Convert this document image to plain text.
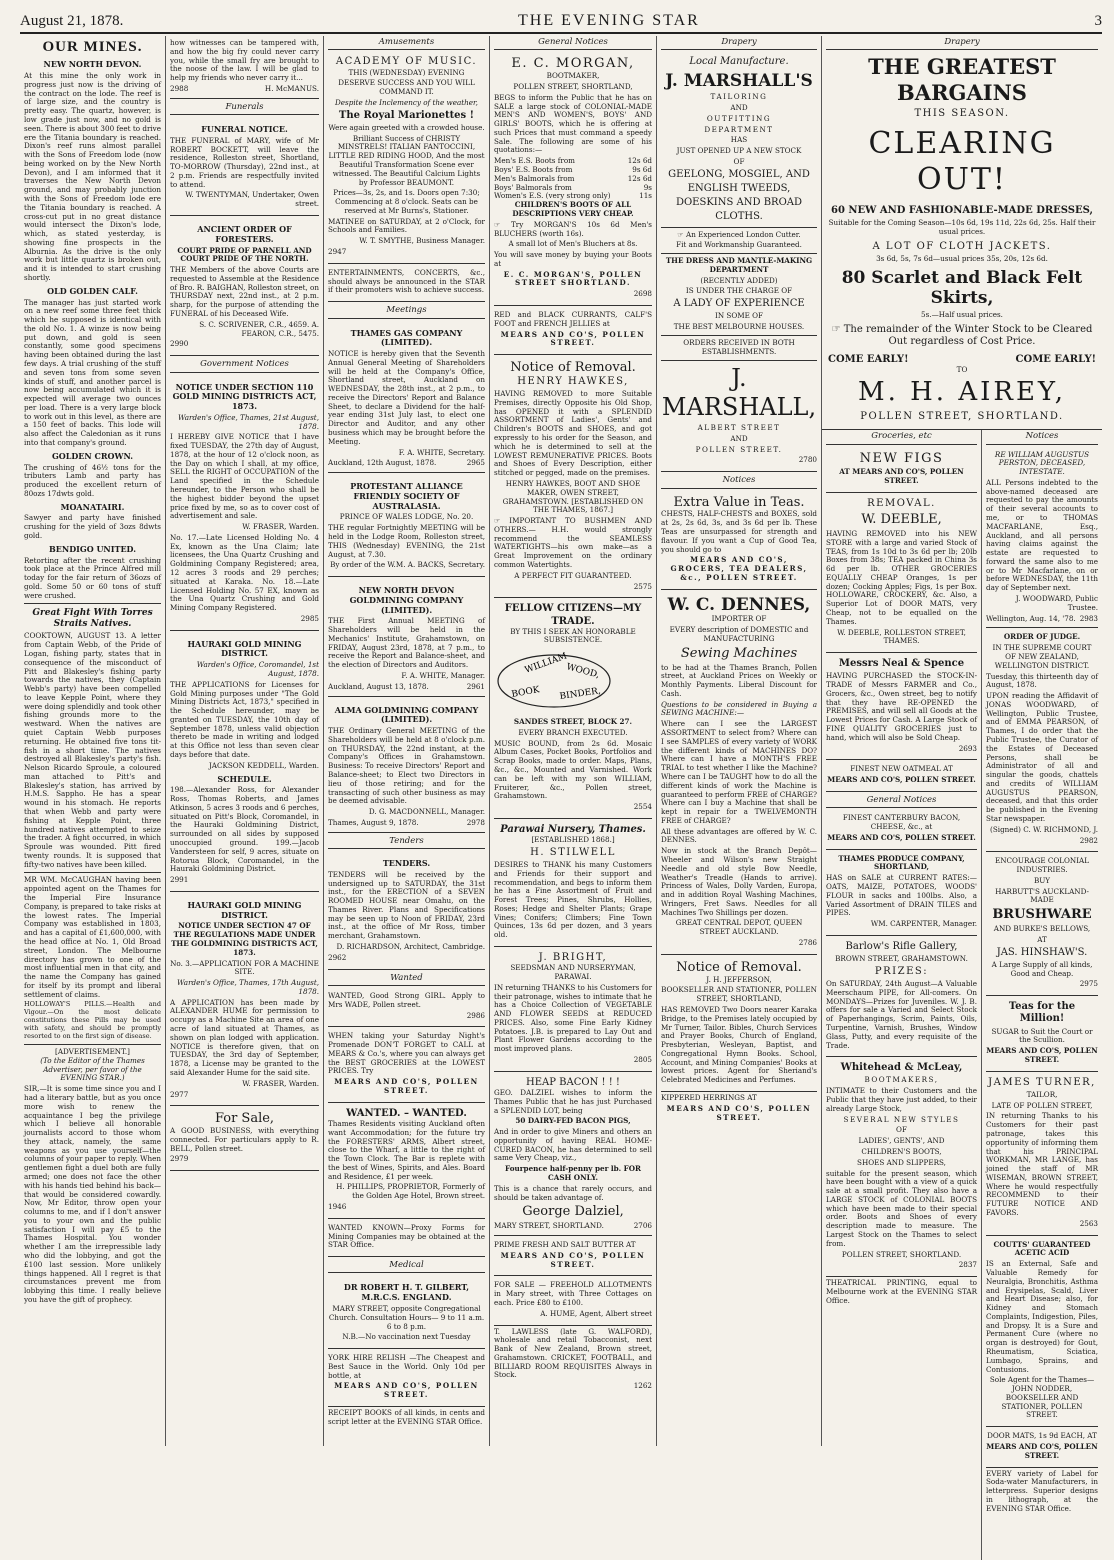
August 21, 1878.	THE EVENING STAR	3
OUR MINES.
NEW NORTH DEVON.

At this mine the only work in progress just now is the driving of the contract on the lode. The reef is of large size, and the country is pretty easy. The quartz, however, is low grade just now, and no gold is seen. There is about 300 feet to drive ere the Titania boundary is reached. Dixon's reef runs almost parallel with the Sons of Freedom lode (now being worked on by the New North Devon), and I am informed that it traverses the New North Devon ground, and may probably junction with the Sons of Freedom lode ere the Titania boundary is reached. A cross-cut put in no great distance would intersect the Dixon's lode, which, as stated yesterday, is showing fine prospects in the Alburnia. As the drive is the only work but little quartz is broken out, and it is intended to start crushing shortly.

OLD GOLDEN CALF.

The manager has just started work on a new reef some three feet thick which he supposed is identical with the old No. 1. A winze is now being put down, and gold is seen constantly, some good specimens having been obtained during the last few days. A trial crushing of the stuff and seven tons from some seven kinds of stuff, and another parcel is now being accumulated which it is expected will average two ounces per load. There is a very large block to work out in this level, as there are a 150 feet of backs. This lode will also affect the Caledonian as it runs into that company's ground.

GOLDEN CROWN.

The crushing of 46½ tons for the tributers Lamb and party has produced the excellent return of 80ozs 17dwts gold.

MOANATAIRI.

Sawyer and party have finished crushing for the yield of 3ozs 8dwts gold.

BENDIGO UNITED.

Retorting after the recent crushing took place at the Prince Alfred mill today for the fair return of 36ozs of gold. Some 50 or 60 tons of stuff were crushed.

Great Fight With Torres Straits Natives.

COOKTOWN, AUGUST 13. A letter from Captain Webb, of the Pride of Logan, fishing party, states that in consequence of the misconduct of Pitt and Blakesley's fishing party towards the natives, they (Captain Webb's party) have been compelled to leave Kepple Point, where they were doing splendidly and took other fishing grounds more to the westward. When the natives are quiet Captain Webb purposes returning. He obtained five tons tit-fish in a short time. The natives destroyed all Blakesley's party's fish. Nelson Ricardo Sproule, a coloured man attached to Pitt's and Blakesley's station, has arrived by H.M.S. Sappho. He has a spear wound in his stomach. He reports that when Webb and party were fishing at Kepple Point, three hundred natives attempted to seize the trader. A fight occurred, in which Sproule was wounded. Pitt fired twenty rounds. It is supposed that fifty-two natives have been killed.

MR WM. McCAUGHAN having been appointed agent on the Thames for the Imperial Fire Insurance Company, is prepared to take risks at the lowest rates. The Imperial Company was established in 1803, and has a capital of £1,600,000, with the head office at No. 1, Old Broad street, London. The Melbourne directory has grown to one of the most influential men in that city, and the name the Company has gained for itself by its prompt and liberal settlement of claims.

HOLLOWAY'S PILLS.—Health and Vigour.—On the most delicate constitutions these Pills may be used with safety, and should be promptly resorted to on the first sign of disease.

[ADVERTISEMENT.]

(To the Editor of the Thames Advertiser, per favor of the EVENING STAR.)

SIR,—It is some time since you and I had a literary battle, but as you once more wish to renew the acquaintance I beg the privilege which I believe all honorable journalists accord to those whom they attack, namely, the same weapons as you use yourself—the columns of your paper to reply. When gentlemen fight a duel both are fully armed; one does not face the other with his hands tied behind his back—that would be considered cowardly. Now, Mr Editor, throw open your columns to me, and if I don't answer you to your own and the public satisfaction I will pay £5 to the Thames Hospital. You wonder whether I am the irrepressible lady who did the lobbying, and got the £100 last session. More unlikely things happened. All I regret is that circumstances prevent me from lobbying this time. I really believe you have the gift of prophecy.

how witnesses can be tampered with, and how the big fry could never carry you, while the small fry are brought to the noose of the law. I will be glad to help my friends who never carry it...

2988	H. McMANUS.
Funerals
FUNERAL NOTICE.

THE FUNERAL of MARY, wife of Mr ROBERT BOCKETT, will leave the residence, Rolleston street, Shortland, TO-MORROW (Thursday), 22nd inst., at 2 p.m. Friends are respectfully invited to attend.

W. TWENTYMAN, Undertaker, Owen street.

ANCIENT ORDER OF FORESTERS.

COURT PRIDE OF PARNELL AND COURT PRIDE OF THE NORTH.

THE Members of the above Courts are requested to Assemble at the Residence of Bro. R. BAIGHAN, Rolleston street, on THURSDAY next, 22nd inst., at 2 p.m. sharp, for the purpose of attending the FUNERAL of his Deceased Wife.

S. C. SCRIVENER, C.R., 4659. A. FEARON, C.R., 5475.

2990

Government Notices
NOTICE UNDER SECTION 110 GOLD MINING DISTRICTS ACT, 1873.

Warden's Office, Thames, 21st August, 1878.

I HEREBY GIVE NOTICE that I have fixed TUESDAY, the 27th day of August, 1878, at the hour of 12 o'clock noon, as the Day on which I shall, at my office, SELL the RIGHT of OCCUPATION of the Land specified in the Schedule hereunder, to the Person who shall be the highest bidder beyond the upset price fixed by me, so as to cover cost of advertisement and sale.

W. FRASER, Warden.

No. 17.—Late Licensed Holding No. 4 Ex, known as the Una Claim; late licensees, the Una Quartz Crushing and Goldmining Company Registered; area, 12 acres 3 roods and 29 perches; situated at Karaka. No. 18.—Late Licensed Holding No. 57 EX, known as the Una Quartz Crushing and Gold Mining Company Registered.

2985

HAURAKI GOLD MINING DISTRICT.

Warden's Office, Coromandel, 1st August, 1878.

THE APPLICATIONS for Licenses for Gold Mining purposes under "The Gold Mining Districts Act, 1873," specified in the Schedule hereunder, may be granted on TUESDAY, the 10th day of September 1878, unless valid objection thereto be made in writing and lodged at this Office not less than seven clear days before that date.

JACKSON KEDDELL, Warden.

SCHEDULE.

198.—Alexander Ross, for Alexander Ross, Thomas Roberts, and James Atkinson, 5 acres 3 roods and 6 perches, situated on Pitt's Block, Coromandel, in the Hauraki Goldmining District, surrounded on all sides by supposed unoccupied ground. 199.—Jacob Vandersteen for self, 9 acres, situate on Rotorua Block, Coromandel, in the Hauraki Goldmining District.

2991

HAURAKI GOLD MINING DISTRICT.

NOTICE UNDER SECTION 47 OF THE REGULATIONS MADE UNDER THE GOLDMINING DISTRICTS ACT, 1873.

No. 3.—APPLICATION FOR A MACHINE SITE.

Warden's Office, Thames, 17th August, 1878.

A APPLICATION has been made by ALEXANDER HUME for permission to occupy as a Machine Site an area of one acre of land situated at Thames, as shown on plan lodged with application. NOTICE is therefore given, that on TUESDAY, the 3rd day of September, 1878, a License may be granted to the said Alexander Hume for the said site.

W. FRASER, Warden.

2977

For Sale,

A GOOD BUSINESS, with everything connected. For particulars apply to R. BELL, Pollen street.

2979

Amusements
ACADEMY OF MUSIC.

THIS (WEDNESDAY) EVENING

DESERVE SUCCESS AND YOU WILL COMMAND IT.

Despite the Inclemency of the weather,

The Royal Marionettes !

Were again greeted with a crowded house.

Brilliant Success of CHRISTY MINSTRELS! ITALIAN FANTOCCINI, LITTLE RED RIDING HOOD, And the most Beautiful Transformation Scene ever witnessed. The Beautiful Calcium Lights by Professor BEAUMONT.

Prices—3s, 2s, and 1s. Doors open 7:30; Commencing at 8 o'clock. Seats can be reserved at Mr Burns's, Stationer.

MATINEE on SATURDAY, at 2 o'Clock, for Schools and Families.

W. T. SMYTHE, Business Manager.

2947

ENTERTAINMENTS, CONCERTS, &c., should always be announced in the STAR if their promoters wish to achieve success.

Meetings
THAMES GAS COMPANY (LIMITED).

NOTICE is hereby given that the Seventh Annual General Meeting of Shareholders will be held at the Company's Office, Shortland street, Auckland on WEDNESDAY, the 28th inst., at 2 p.m., to receive the Directors' Report and Balance Sheet, to declare a Dividend for the half-year ending 31st July last, to elect one Director and Auditor, and any other business which may be brought before the Meeting.

F. A. WHITE, Secretary.

Auckland, 12th August, 1878.	2965
PROTESTANT ALLIANCE FRIENDLY SOCIETY OF AUSTRALASIA.

PRINCE OF WALES LODGE, No. 20.

THE regular Fortnightly MEETING will be held in the Lodge Room, Rolleston street, THIS (Wednesday) EVENING, the 21st August, at 7.30.

By order of the W.M. A. BACKS, Secretary.

NEW NORTH DEVON GOLDMINING COMPANY (LIMITED).

THE First Annual MEETING of Shareholders will be held in the Mechanics' Institute, Grahamstown, on FRIDAY, August 23rd, 1878, at 7 p.m., to receive the Report and Balance-sheet, and the election of Directors and Auditors.

F. A. WHITE, Manager.

Auckland, August 13, 1878.	2961
ALMA GOLDMINING COMPANY (LIMITED).

THE Ordinary General MEETING of the Shareholders will be held at 8 o'clock p.m. on THURSDAY, the 22nd instant, at the Company's Offices in Grahamstown. Business: To receive Directors' Report and Balance-sheet; to Elect two Directors in lieu of those retiring; and for the transacting of such other business as may be deemed advisable.

D. G. MACDONNELL, Manager.

Thames, August 9, 1878.	2978
Tenders
TENDERS.

TENDERS will be received by the undersigned up to SATURDAY, the 31st inst., for the ERECTION of a SEVEN ROOMED HOUSE near Omahu, on the Thames River. Plans and Specifications may be seen up to Noon of FRIDAY, 23rd inst., at the office of Mr Ross, timber merchant, Grahamstown.

D. RICHARDSON, Architect, Cambridge.

2962

Wanted

WANTED, Good Strong GIRL. Apply to Mrs WADE, Pollen street.

2986

WHEN taking your Saturday Night's Promenade DON'T FORGET to CALL at MEARS & Co.'s, where you can always get the BEST GROCERIES at the LOWEST PRICES. Try

MEARS AND CO'S, POLLEN STREET.

WANTED. – WANTED.

Thames Residents visiting Auckland often want Accommodation; for the future try the FORESTERS' ARMS, Albert street, close to the Wharf, a little to the right of the Town Clock. The Bar is replete with the best of Wines, Spirits, and Ales. Board and Residence, £1 per week.

H. PHILLIPS, PROPRIETOR, Formerly of the Golden Age Hotel, Brown street.

1946

WANTED KNOWN—Proxy Forms for Mining Companies may be obtained at the STAR Office.

Medical
DR ROBERT H. T. GILBERT, M.R.C.S. ENGLAND.

MARY STREET, opposite Congregational Church. Consultation Hours— 9 to 11 a.m. 6 to 8 p.m.

N.B.—No vaccination next Tuesday

YORK HIRE RELISH —The Cheapest and Best Sauce in the World. Only 10d per bottle, at

MEARS AND CO'S, POLLEN STREET.

RECEIPT BOOKS of all kinds, in cents and script letter at the EVENING STAR Office.

General Notices
E. C. MORGAN,

BOOTMAKER,

POLLEN STREET, SHORTLAND,

BEGS to inform the Public that he has on SALE a large stock of COLONIAL-MADE MEN'S AND WOMEN'S, BOYS' AND GIRLS' BOOTS, which he is offering at such Prices that must command a speedy Sale. The following are some of his quotations:—

Men's E.S. Boots from	12s 6d
Boys' E.S. Boots from	9s 6d
Men's Balmorals from	12s 6d
Boys' Balmorals from	9s
Women's E.S. (very strong only)	11s

CHILDREN'S BOOTS OF ALL DESCRIPTIONS VERY CHEAP.

☞ Try MORGAN'S 10s 6d Men's BLUCHERS (worth 16s).

A small lot of Men's Bluchers at 8s.

You will save money by buying your Boots at

E. C. MORGAN'S, POLLEN STREET SHORTLAND.

2698

RED and BLACK CURRANTS, CALF'S FOOT and FRENCH JELLIES at

MEARS AND CO'S, POLLEN STREET.

Notice of Removal.

HENRY HAWKES,

HAVING REMOVED to more Suitable Premises, directly Opposite his Old Shop, has OPENED it with a SPLENDID ASSORTMENT of Ladies', Gents' and Children's BOOTS and SHOES, and got expressly to his order for the Season, and which he is determined to sell at the LOWEST REMUNERATIVE PRICES. Boots and Shoes of Every Description, either stitched or pegged, made on the premises.

HENRY HAWKES, BOOT AND SHOE MAKER, OWEN STREET, GRAHAMSTOWN. [ESTABLISHED ON THE THAMES, 1867.]

☞ IMPORTANT TO BUSHMEN AND OTHERS.— H.H. would strongly recommend the SEAMLESS WATERTIGHTS—his own make—as a Great Improvement on the ordinary common Watertights.

A PERFECT FIT GUARANTEED.

2575

FELLOW CITIZENS—MY TRADE.

BY THIS I SEEK AN HONORABLE SUBSISTENCE.

WILLIAM
WOOD,
BOOK BINDER,

SANDES STREET, BLOCK 27.

EVERY BRANCH EXECUTED.

MUSIC BOUND, from 2s 6d. Mosaic Album Cases, Pocket Books, Portfolios and Scrap Books, made to order. Maps, Plans, &c., &c., Mounted and Varnished. Work can be left with my son WILLIAM, Fruiterer, &c., Pollen street, Grahamstown.

2554

Parawai Nursery, Thames.

[ESTABLISHED 1868.]

H. STILWELL

DESIRES to THANK his many Customers and Friends for their support and recommendation, and begs to inform them he has a Fine Assortment of Fruit and Forest Trees; Pines, Shrubs, Hollies, Roses; Hedge and Shelter Plants; Grape Vines; Conifers; Climbers; Fine Town Quinces, 13s 6d per dozen, and 3 years old.

J. BRIGHT,

SEEDSMAN AND NURSERYMAN, PARAWAI.

IN returning THANKS to his Customers for their patronage, wishes to intimate that he has a Choice Collection of VEGETABLE AND FLOWER SEEDS at REDUCED PRICES. Also, some Fine Early Kidney Potatoes. J.B. is prepared to Lay Out and Plant Flower Gardens according to the most improved plans.

2805

HEAP BACON ! ! !

GEO. DALZIEL wishes to inform the Thames Public that he has just Purchased a SPLENDID LOT, being

50 DAIRY-FED BACON PIGS,

And in order to give Miners and others an opportunity of having REAL HOME-CURED BACON, he has determined to sell same Very Cheap, viz.,

Fourpence half-penny per lb. FOR CASH ONLY.

This is a chance that rarely occurs, and should be taken advantage of.

George Dalziel,

MARY STREET, SHORTLAND.	2706

PRIME FRESH AND SALT BUTTER AT

MEARS AND CO'S, POLLEN STREET.

FOR SALE — FREEHOLD ALLOTMENTS in Mary street, with Three Cottages on each. Price £80 to £100.

A. HUME, Agent, Albert street

T. LAWLESS (late G. WALFORD), wholesale and retail Tobacconist, next Bank of New Zealand, Brown street, Grahamstown. CRICKET, FOOTBALL, and BILLIARD ROOM REQUISITES Always in Stock.

1262

Drapery

Local Manufacture.

J. MARSHALL'S

TAILORING

AND

OUTFITTING

DEPARTMENT

HAS

JUST OPENED UP A NEW STOCK

OF

GEELONG, MOSGIEL, AND

ENGLISH TWEEDS,

DOESKINS AND BROAD

CLOTHS.

☞ An Experienced London Cutter.

Fit and Workmanship Guaranteed.

THE DRESS AND MANTLE-MAKING DEPARTMENT

(RECENTLY ADDED)

IS UNDER THE CHARGE OF

A LADY OF EXPERIENCE

IN SOME OF

THE BEST MELBOURNE HOUSES.

ORDERS RECEIVED IN BOTH ESTABLISHMENTS.

J. MARSHALL,

ALBERT STREET

AND

POLLEN STREET.

2780

Notices
Extra Value in Teas.

CHESTS, HALF-CHESTS and BOXES, sold at 2s, 2s 6d, 3s, and 3s 6d per lb. These Teas are unsurpassed for strength and flavour. If you want a Cup of Good Tea, you should go to

MEARS AND CO'S, GROCERS, TEA DEALERS, &c., POLLEN STREET.

W. C. DENNES,

IMPORTER OF

EVERY description of DOMESTIC and MANUFACTURING

Sewing Machines

to be had at the Thames Branch, Pollen street, at Auckland Prices on Weekly or Monthly Payments. Liberal Discount for Cash.

Questions to be considered in Buying a SEWING MACHINE:—

Where can I see the LARGEST ASSORTMENT to select from? Where can I see SAMPLES of every variety of WORK the different kinds of MACHINES DO? Where can I have a MONTH'S FREE TRIAL to test whether I like the Machine? Where can I be TAUGHT how to do all the different kinds of work the Machine is guaranteed to perform FREE of CHARGE? Where can I buy a Machine that shall be kept in repair for a TWELVEMONTH FREE of CHARGE?

All these advantages are offered by W. C. DENNES.

Now in stock at the Branch Depôt—Wheeler and Wilson's new Straight Needle and old style Bow Needle, Weather's Treadle (Hands to arrive). Princess of Wales, Dolly Varden, Europa, and in addition Royal Washing Machines, Wringers, Fret Saws. Needles for all Machines Two Shillings per dozen.

GREAT CENTRAL DEPOT, QUEEN STREET AUCKLAND.

2786

Notice of Removal.

J. H. JEFFERSON,

BOOKSELLER AND STATIONER, POLLEN STREET, SHORTLAND,

HAS REMOVED Two Doors nearer Karaka Bridge, to the Premises lately occupied by Mr Turner, Tailor. Bibles, Church Services and Prayer Books, Church of England, Presbyterian, Wesleyan, Baptist, and Congregational Hymn Books. School, Account, and Mining Companies' Books at lowest prices. Agent for Sheriand's Celebrated Medicines and Perfumes.

KIPPERED HERRINGS AT

MEARS AND CO'S, POLLEN STREET.

Drapery

THE GREATEST BARGAINS

THIS SEASON.

CLEARING OUT!

60 NEW AND FASHIONABLE-MADE DRESSES,

Suitable for the Coming Season—10s 6d, 19s 11d, 22s 6d, 25s. Half their usual prices.

A LOT OF CLOTH JACKETS.

3s 6d, 5s, 7s 6d—usual prices 35s, 20s, 12s 6d.

80 Scarlet and Black Felt Skirts,

5s.—Half usual prices.

☞ The remainder of the Winter Stock to be Cleared Out regardless of Cost Price.

COME EARLY!	COME EARLY!

TO

M. H. AIREY,

POLLEN STREET, SHORTLAND.

Groceries, etc

NEW FIGS

AT MEARS AND CO'S, POLLEN STREET.

REMOVAL.

W. DEEBLE,

HAVING REMOVED into his NEW STORE with a large and varied Stock of TEAS, from 1s 10d to 3s 6d per lb; 20lb Boxes from 38s; TEA packed in China 3s 6d per lb. OTHER GROCERIES EQUALLY CHEAP Oranges, 1s per dozen; Cocking Apples; Figs, 1s per Box. HOLLOWARE, CROCKERY, &c. Also, a Superior Lot of DOOR MATS, very Cheap, not to be equalled on the Thames.

W. DEEBLE, ROLLESTON STREET, THAMES.

Messrs Neal & Spence

HAVING PURCHASED the STOCK-IN-TRADE of Messrs FARMER and Co., Grocers, &c., Owen street, beg to notify that they have RE-OPENED the PREMISES, and will sell all Goods at the Lowest Prices for Cash. A Large Stock of FINE QUALITY GROCERIES just to hand, which will also be Sold Cheap.

2693

FINEST NEW OATMEAL AT

MEARS AND CO'S, POLLEN STREET.

General Notices

FINEST CANTERBURY BACON, CHEESE, &c., at

MEARS AND CO'S, POLLEN STREET.

THAMES PRODUCE COMPANY, SHORTLAND,

HAS on SALE at CURRENT RATES:— OATS, MAIZE, POTATOES, WOODS' FLOUR in sacks and 100lbs. Also, a Varied Assortment of DRAIN TILES and PIPES.

WM. CARPENTER, Manager.

Barlow's Rifle Gallery,

BROWN STREET, GRAHAMSTOWN.

PRIZES:

On SATURDAY, 24th August—A Valuable Meerschaum PIPE, for All-comers. On MONDAYS—Prizes for Juveniles. W. J. B. offers for sale a Varied and Select Stock of Paperhangings, Scrim, Paints, Oils, Turpentine, Varnish, Brushes, Window Glass, Putty, and every requisite of the Trade.

Whitehead & McLeay,

BOOTMAKERS,

INTIMATE to their Customers and the Public that they have just added, to their already Large Stock,

SEVERAL NEW STYLES

OF

LADIES', GENTS', AND

CHILDREN'S BOOTS,

SHOES AND SLIPPERS,

suitable for the present season, which have been bought with a view of a quick sale at a small profit. They also have a LARGE STOCK of COLONIAL BOOTS which have been made to their special order. Boots and Shoes of every description made to measure. The Largest Stock on the Thames to select from.

POLLEN STREET, SHORTLAND.

2837

THEATRICAL PRINTING, equal to Melbourne work at the EVENING STAR Office.

Notices

RE WILLIAM AUGUSTUS PERSTON, DECEASED, INTESTATE.

ALL Persons indebted to the above-named deceased are requested to pay the amounts of their several accounts to me, or to THOMAS MACFARLANE, Esq., Auckland, and all persons having claims against the estate are requested to forward the same also to me or to Mr Macfarlane, on or before WEDNESDAY, the 11th day of September next.

J. WOODWARD, Public Trustee.

Wellington, Aug. 14, '78. 2983

ORDER OF JUDGE.

IN THE SUPREME COURT OF NEW ZEALAND, WELLINGTON DISTRICT.

Tuesday, this thirteenth day of August, 1878.

UPON reading the Affidavit of JONAS WOODWARD, of Wellington, Public Trustee, and of EMMA PEARSON, of Thames, I do order that the Public Trustee, the Curator of the Estates of Deceased Persons, shall be Administrator of all and singular the goods, chattels and credits of WILLIAM AUGUSTUS PEARSON, deceased, and that this order be published in the Evening Star newspaper.

(Signed) C. W. RICHMOND, J.

2982

ENCOURAGE COLONIAL INDUSTRIES.

BUY

HARBUTT'S AUCKLAND-MADE

BRUSHWARE

AND BURKE'S BELLOWS,

AT

JAS. HINSHAW'S.

A Large Supply of all kinds, Good and Cheap.

2975

Teas for the Million!

SUGAR to Suit the Court or the Scullion.

MEARS AND CO'S, POLLEN STREET.

JAMES TURNER,

TAILOR,

LATE OF POLLEN STREET,

IN returning Thanks to his Customers for their past patronage, takes this opportunity of informing them that his PRINCIPAL WORKMAN, MR LANGE, has joined the staff of MR WISEMAN, BROWN STREET, Where he would respectfully RECOMMEND to their FUTURE NOTICE AND FAVORS.

2563

COUTTS' GUARANTEED ACETIC ACID

IS an External, Safe and Valuable Remedy for Neuralgia, Bronchitis, Asthma and Erysipelas, Scald, Liver and Heart Disease; also, for Kidney and Stomach Complaints, Indigestion, Piles, and Dropsy. It is a Sure and Permanent Cure (where no organ is destroyed) for Gout, Rheumatism, Sciatica, Lumbago, Sprains, and Contusions.

Sole Agent for the Thames— JOHN NODDER, BOOKSELLER AND STATIONER, POLLEN STREET.

DOOR MATS, 1s 9d EACH, AT

MEARS AND CO'S, POLLEN STREET.

EVERY variety of Label for Soda-water Manufacturers, in letterpress. Superior designs in lithograph, at the EVENING STAR Office.
